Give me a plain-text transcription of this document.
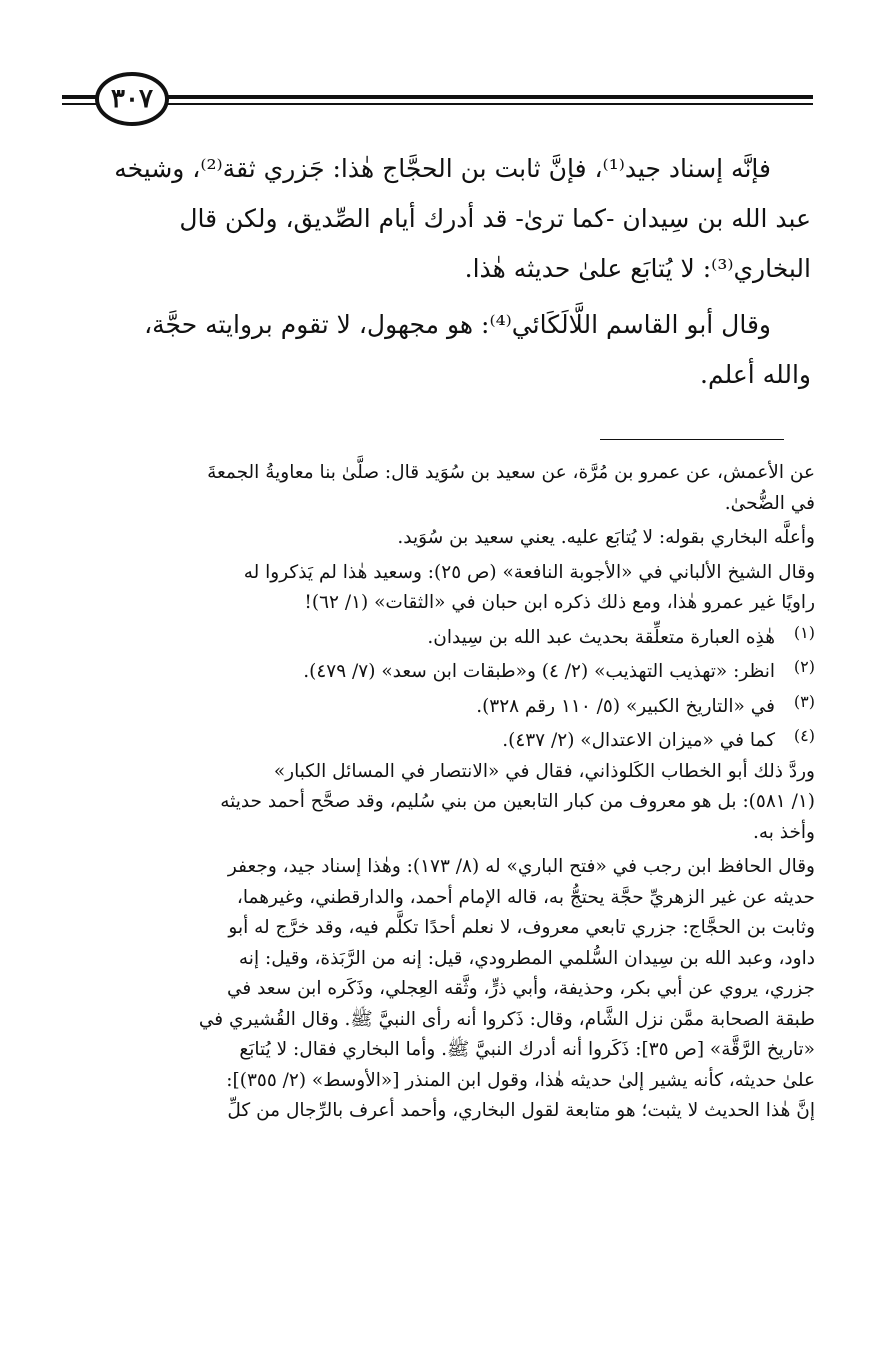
٣٠٧

فإنَّه إسناد جيد⁽¹⁾، فإنَّ ثابت بن الحجَّاج هٰذا: جَزري ثقة⁽²⁾، وشيخه

عبد الله بن سِيدان -كما ترىٰ- قد أدرك أيام الصِّديق، ولكن قال

البخاري⁽³⁾: لا يُتابَع علىٰ حديثه هٰذا.

وقال أبو القاسم اللَّالَكَائي⁽⁴⁾: هو مجهول، لا تقوم بروايته حجَّة،

والله أعلم.

عن الأعمش، عن عمرو بن مُرَّة، عن سعيد بن سُوَيد قال: صلَّىٰ بنا معاويةُ الجمعةَ

في الضُّحىٰ.

وأعلَّه البخاري بقوله: لا يُتابَع عليه. يعني سعيد بن سُوَيد.

وقال الشيخ الألباني في «الأجوبة النافعة» (ص ٢٥): وسعيد هٰذا لم يَذكروا له

راويًا غير عمرو هٰذا، ومع ذلك ذكره ابن حبان في «الثقات» (١/ ٦٢)!

(١)

هٰذِه العبارة متعلِّقة بحديث عبد الله بن سِيدان.

(٢)

انظر: «تهذيب التهذيب» (٢/ ٤) و«طبقات ابن سعد» (٧/ ٤٧٩).

(٣)

في «التاريخ الكبير» (٥/ ١١٠ رقم ٣٢٨).

(٤)

كما في «ميزان الاعتدال» (٢/ ٤٣٧).

وردَّ ذلك أبو الخطاب الكَلوذاني، فقال في «الانتصار في المسائل الكبار»

(١/ ٥٨١): بل هو معروف من كبار التابعين من بني سُليم، وقد صحَّح أحمد حديثه

وأخذ به.

وقال الحافظ ابن رجب في «فتح الباري» له (٨/ ١٧٣): وهٰذا إسناد جيد، وجعفر

حديثه عن غير الزهريِّ حجَّة يحتجُّ به، قاله الإمام أحمد، والدارقطني، وغيرهما،

وثابت بن الحجَّاج: جزري تابعي معروف، لا نعلم أحدًا تكلَّم فيه، وقد خرَّج له أبو

داود، وعبد الله بن سِيدان السُّلمي المطرودي، قيل: إنه من الرَّبَذة، وقيل: إنه

جزري، يروي عن أبي بكر، وحذيفة، وأبي ذرٍّ، وثَّقه العِجلي، وذَكَره ابن سعد في

طبقة الصحابة ممَّن نزل الشَّام، وقال: ذَكروا أنه رأى النبيَّ ﷺ. وقال القُشيري في

«تاريخ الرَّقَّة» [ص ٣٥]: ذَكَروا أنه أدرك النبيَّ ﷺ. وأما البخاري فقال: لا يُتابَع

علىٰ حديثه، كأنه يشير إلىٰ حديثه هٰذا، وقول ابن المنذر [«الأوسط» (٢/ ٣٥٥)]:

إنَّ هٰذا الحديث لا يثبت؛ هو متابعة لقول البخاري، وأحمد أعرف بالرِّجال من كلِّ
